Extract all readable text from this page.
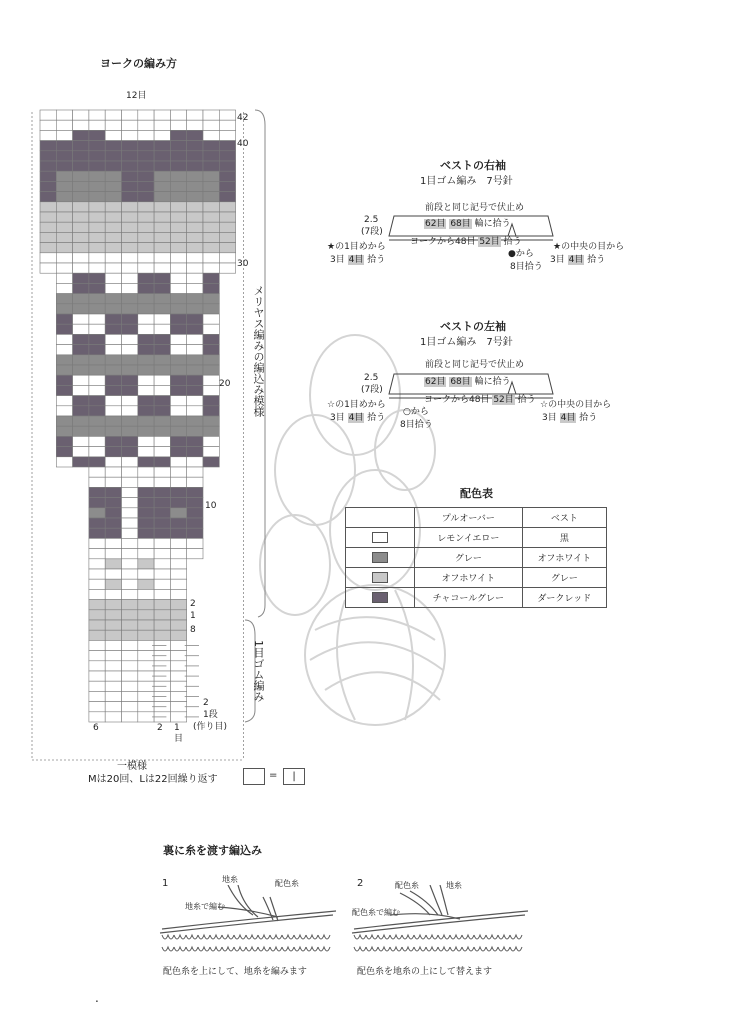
ヨークの編み方
12目
42
40
30
20
10
2
1
8
メリヤス編みの編込み模様
1目ゴム編み
2
1段
(作り目)
6	2 1
目
一模様
Mは20回、Lは22回繰り返す	=	|
ベストの右袖
1目ゴム編み　7号針
前段と同じ記号で伏止め
2.5
(7段)
62目 68目 輪に拾う
ヨークから48目 52目 拾う
★の1目めから
3目 4目 拾う
●から
8目拾う
★の中央の目から
3目 4目 拾う
ベストの左袖
1目ゴム編み　7号針
前段と同じ記号で伏止め
2.5
(7段)
62目 68目 輪に拾う
ヨークから48目 52目 拾う
☆の1目めから
3目 4目 拾う
○から
8目拾う
☆の中央の目から
3目 4目 拾う
配色表
	プルオーバー	ベスト
	レモンイエロー	黒
	グレー	オフホワイト
	オフホワイト	グレー
	チャコールグレー	ダークレッド
裏に糸を渡す編込み
1	地糸	配色糸
地糸で編む
配色糸を上にして、地糸を編みます
2	配色糸	地糸
配色糸で編む
配色糸を地糸の上にして替えます
.
